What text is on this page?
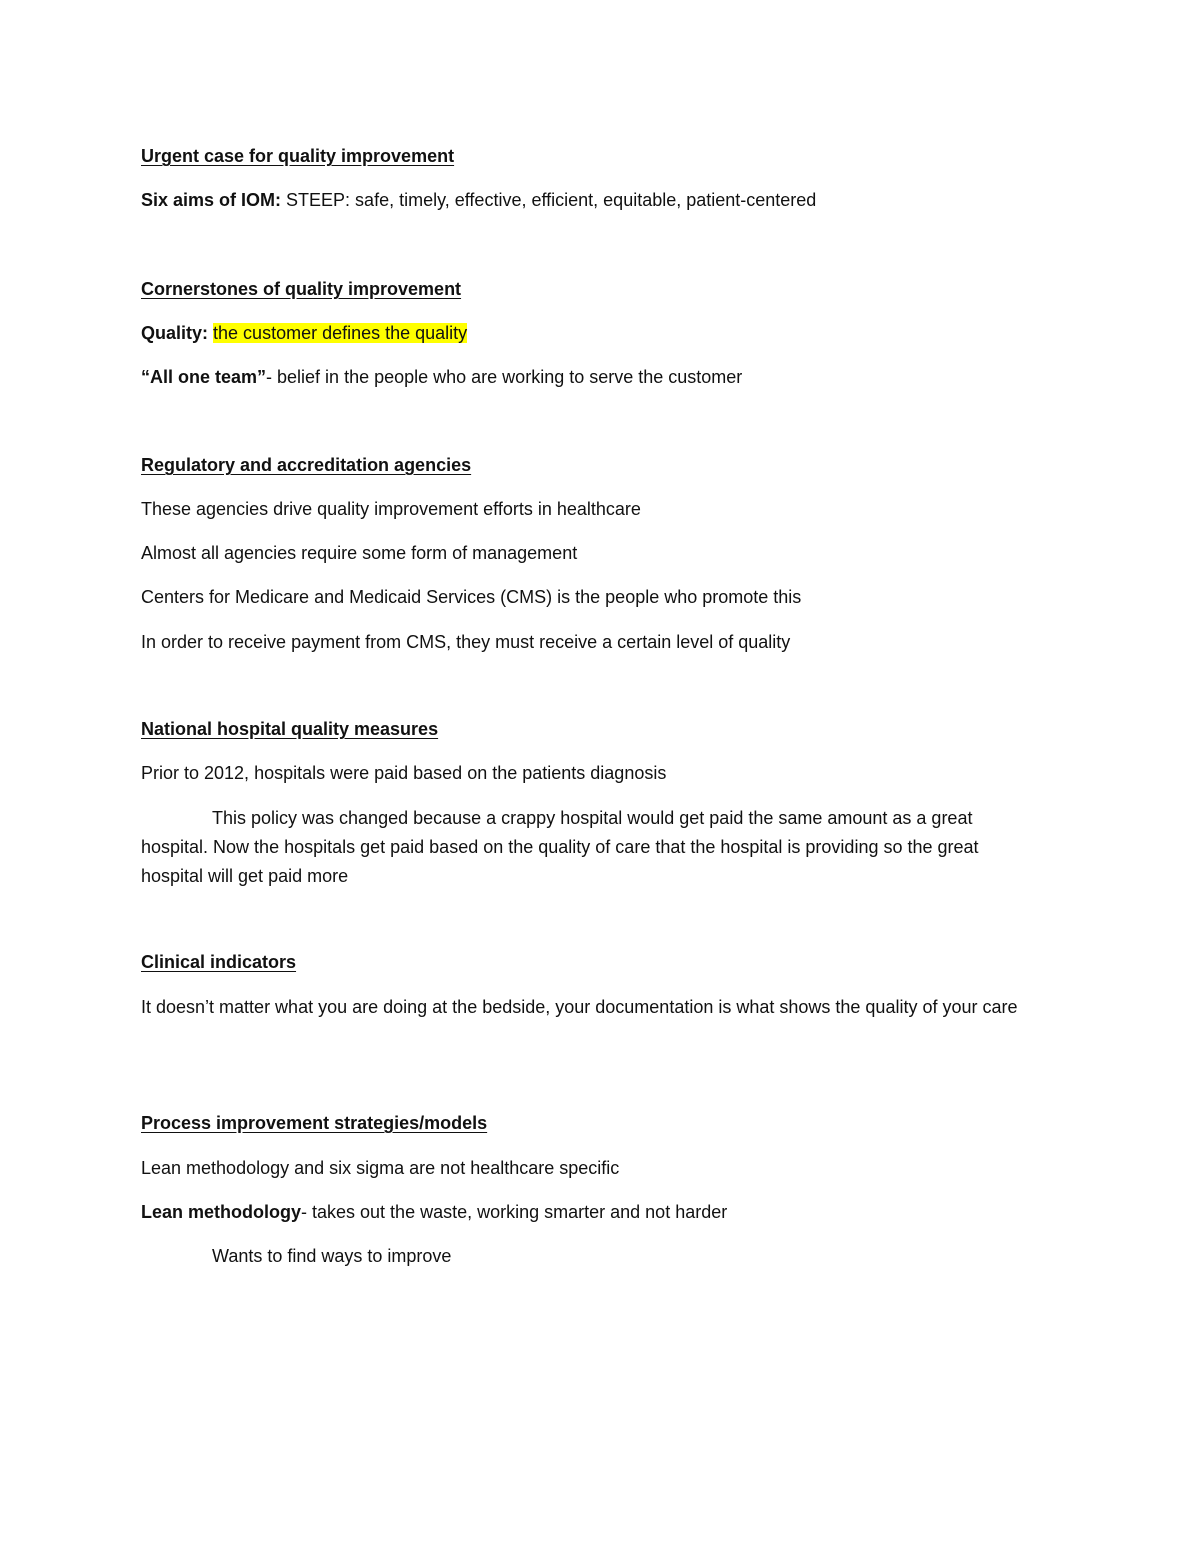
Urgent case for quality improvement

Six aims of IOM: STEEP: safe, timely, effective, efficient, equitable, patient-centered

Cornerstones of quality improvement

Quality: the customer defines the quality

“All one team”- belief in the people who are working to serve the customer

Regulatory and accreditation agencies

These agencies drive quality improvement efforts in healthcare

Almost all agencies require some form of management

Centers for Medicare and Medicaid Services (CMS) is the people who promote this

In order to receive payment from CMS, they must receive a certain level of quality

National hospital quality measures

Prior to 2012, hospitals were paid based on the patients diagnosis

This policy was changed because a crappy hospital would get paid the same amount as a great hospital. Now the hospitals get paid based on the quality of care that the hospital is providing so the great hospital will get paid more

Clinical indicators

It doesn’t matter what you are doing at the bedside, your documentation is what shows the quality of your care

Process improvement strategies/models

Lean methodology and six sigma are not healthcare specific

Lean methodology- takes out the waste, working smarter and not harder

Wants to find ways to improve
